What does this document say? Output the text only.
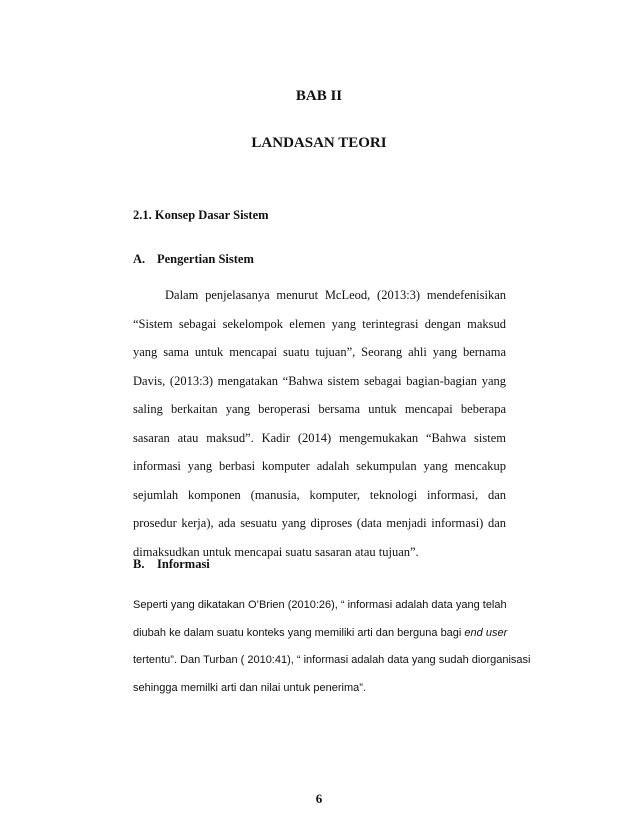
BAB II
LANDASAN TEORI
2.1. Konsep Dasar Sistem
A. Pengertian Sistem

Dalam penjelasanya menurut McLeod, (2013:3) mendefenisikan “Sistem sebagai sekelompok elemen yang terintegrasi dengan maksud yang sama untuk mencapai suatu tujuan”, Seorang ahli yang bernama Davis, (2013:3) mengatakan “Bahwa sistem sebagai bagian-bagian yang saling berkaitan yang beroperasi bersama untuk mencapai beberapa sasaran atau maksud”. Kadir (2014) mengemukakan “Bahwa sistem informasi yang berbasi komputer adalah sekumpulan yang mencakup sejumlah komponen (manusia, komputer, teknologi informasi, dan prosedur kerja), ada sesuatu yang diproses (data menjadi informasi) dan dimaksudkan untuk mencapai suatu sasaran atau tujuan”.

B. Informasi

Seperti yang dikatakan O’Brien (2010:26), “ informasi adalah data yang telah diubah ke dalam suatu konteks yang memiliki arti dan berguna bagi end user tertentu”. Dan Turban ( 2010:41), “ informasi adalah data yang sudah diorganisasi sehingga memilki arti dan nilai untuk penerima”.

6
